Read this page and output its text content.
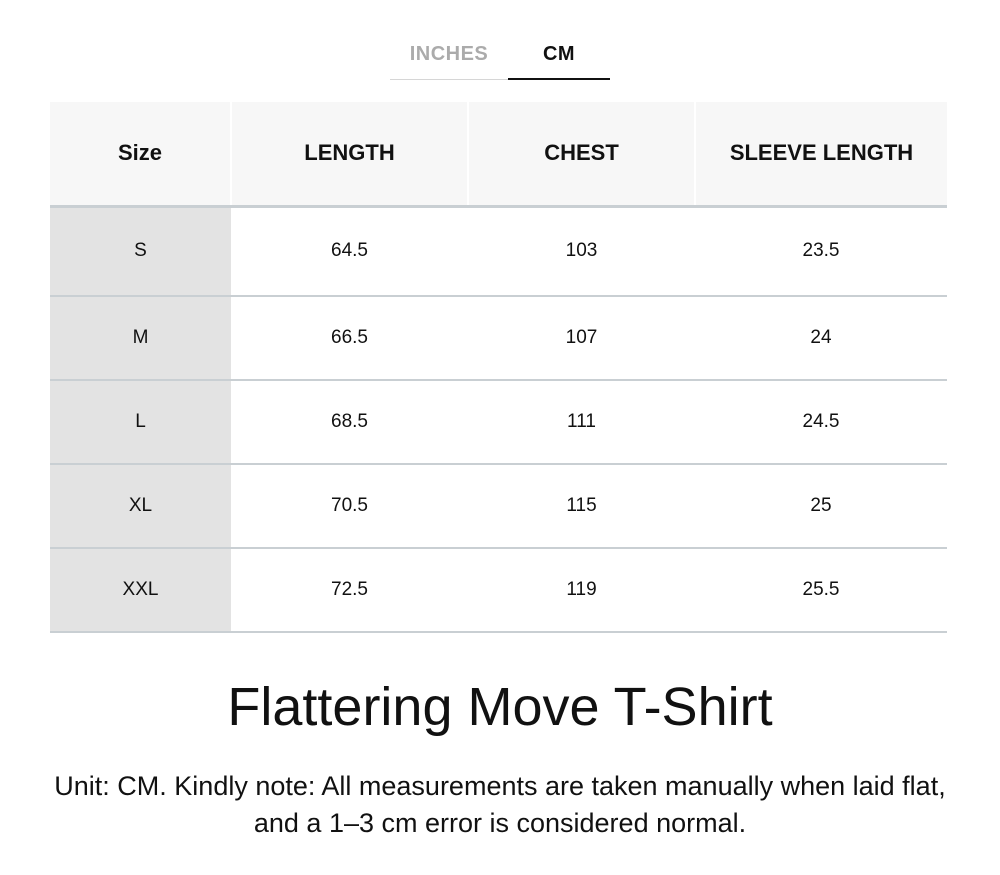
INCHES	CM
Size	LENGTH	CHEST	SLEEVE LENGTH
S	64.5	103	23.5
M	66.5	107	24
L	68.5	111	24.5
XL	70.5	115	25
XXL	72.5	119	25.5
Flattering Move T-Shirt

Unit: CM. Kindly note: All measurements are taken manually when laid flat, and a 1–3 cm error is considered normal.
